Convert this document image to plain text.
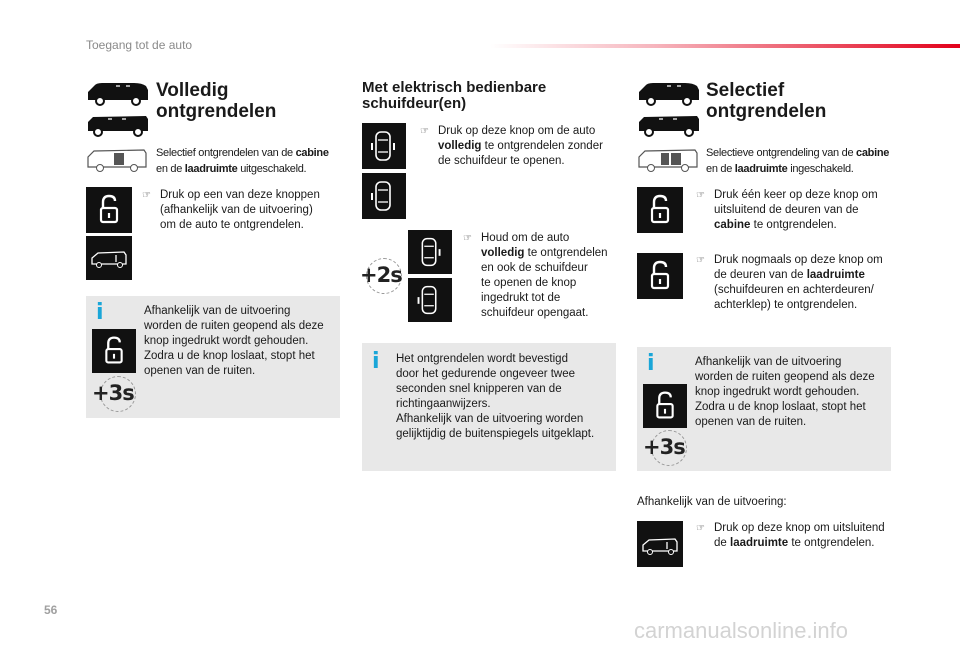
Toegang tot de auto
Volledig
ontgrendelen
Selectief ontgrendelen van de cabine
en de laadruimte uitgeschakeld.
☞ Druk op een van deze knoppen
(afhankelijk van de uitvoering)
om de auto te ontgrendelen.
i
+3s
Afhankelijk van de uitvoering
worden de ruiten geopend als deze
knop ingedrukt wordt gehouden.
Zodra u de knop loslaat, stopt het
openen van de ruiten.
Met elektrisch bedienbare
schuifdeur(en)
☞ Druk op deze knop om de auto
volledig te ontgrendelen zonder
de schuifdeur te openen.
+2s
☞ Houd om de auto
volledig te ontgrendelen
en ook de schuifdeur
te openen de knop
ingedrukt tot de
schuifdeur opengaat.
i Het ontgrendelen wordt bevestigd
door het gedurende ongeveer twee
seconden snel knipperen van de
richtingaanwijzers.
Afhankelijk van de uitvoering worden
gelijktijdig de buitenspiegels uitgeklapt.
Selectief
ontgrendelen
Selectieve ontgrendeling van de cabine
en de laadruimte ingeschakeld.
☞ Druk één keer op deze knop om
uitsluitend de deuren van de
cabine te ontgrendelen.
☞ Druk nogmaals op deze knop om
de deuren van de laadruimte
(schuifdeuren en achterdeuren/
achterklep) te ontgrendelen.
i
+3s
Afhankelijk van de uitvoering
worden de ruiten geopend als deze
knop ingedrukt wordt gehouden.
Zodra u de knop loslaat, stopt het
openen van de ruiten.
Afhankelijk van de uitvoering:
☞ Druk op deze knop om uitsluitend
de laadruimte te ontgrendelen.
56
carmanualsonline.info
